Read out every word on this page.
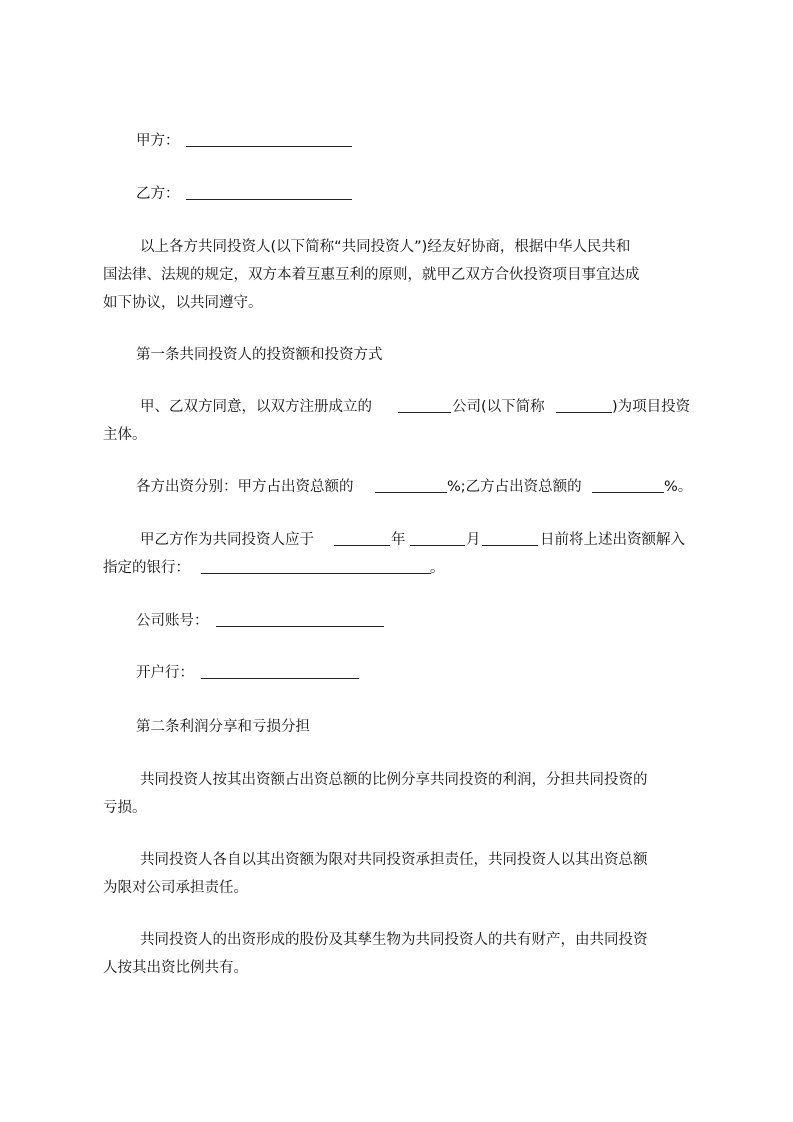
甲方：
乙方：
以上各方共同投资人(以下简称“共同投资人”)经友好协商，根据中华人民共和
国法律、法规的规定，双方本着互惠互利的原则，就甲乙双方合伙投资项目事宜达成
如下协议，以共同遵守。
第一条共同投资人的投资额和投资方式
甲、乙双方同意，以双方注册成立的	公司(以下简称	)为项目投资
主体。
各方出资分别：甲方占出资总额的	%;乙方占出资总额的	%。
甲乙方作为共同投资人应于	年	月	日前将上述出资额解入
指定的银行：	。
公司账号：
开户行：
第二条利润分享和亏损分担
共同投资人按其出资额占出资总额的比例分享共同投资的利润，分担共同投资的
亏损。
共同投资人各自以其出资额为限对共同投资承担责任，共同投资人以其出资总额
为限对公司承担责任。
共同投资人的出资形成的股份及其孳生物为共同投资人的共有财产，由共同投资
人按其出资比例共有。
